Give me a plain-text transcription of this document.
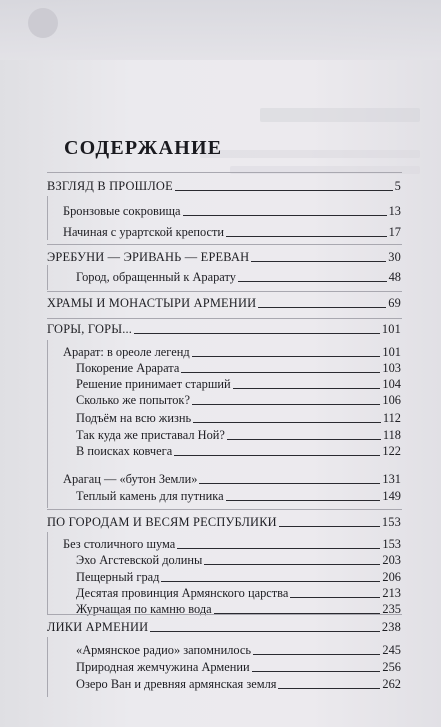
СОДЕРЖАНИЕ
ВЗГЛЯД В ПРОШЛОЕ	5
Бронзовые сокровища	13
Начиная с урартской крепости	17
ЭРЕБУНИ — ЭРИВАНЬ — ЕРЕВАН	30
Город, обращенный к Арарату	48
ХРАМЫ И МОНАСТЫРИ АРМЕНИИ	69
ГОРЫ, ГОРЫ...	101
Арарат: в ореоле легенд	101
Покорение Арарата	103
Решение принимает старший	104
Сколько же попыток?	106
Подъём на всю жизнь	112
Так куда же приставал Ной?	118
В поисках ковчега	122
Арагац — «бутон Земли»	131
Теплый камень для путника	149
ПО ГОРОДАМ И ВЕСЯМ РЕСПУБЛИКИ	153
Без столичного шума	153
Эхо Агстевской долины	203
Пещерный град	206
Десятая провинция Армянского царства	213
Журчащая по камню вода	235
ЛИКИ АРМЕНИИ	238
«Армянское радио» запомнилось	245
Природная жемчужина Армении	256
Озеро Ван и древняя армянская земля	262
